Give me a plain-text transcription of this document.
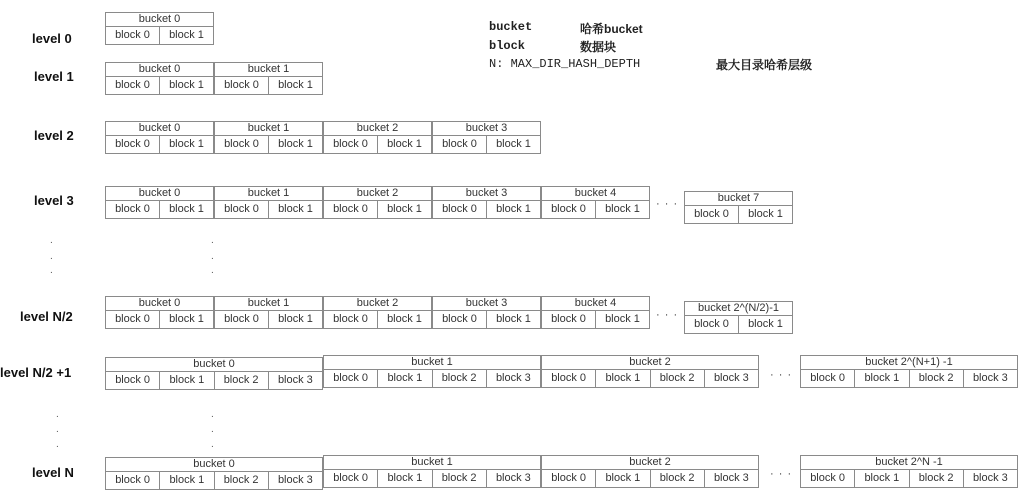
bucket	哈希bucket
block	数据块
N: MAX_DIR_HASH_DEPTH	最大目录哈希层级
level 0
level 1
level 2
level 3
level N/2
level N/2 +1
level N
bucket 0
block 0	block 1
bucket 0
block 0	block 1
bucket 1
block 0	block 1
bucket 0
block 0	block 1
bucket 1
block 0	block 1
bucket 2
block 0	block 1
bucket 3
block 0	block 1
bucket 0
block 0	block 1
bucket 1
block 0	block 1
bucket 2
block 0	block 1
bucket 3
block 0	block 1
bucket 4
block 0	block 1	· · ·	bucket 7
block 0	block 1
.
.
.
.
.
.
bucket 0
block 0	block 1
bucket 1
block 0	block 1
bucket 2
block 0	block 1
bucket 3
block 0	block 1
bucket 4
block 0	block 1	· · ·
bucket 2^(N/2)-1
block 0	block 1
bucket 0
block 0	block 1	block 2	block 3
bucket 1
block 0	block 1	block 2	block 3
bucket 2
block 0	block 1	block 2	block 3	· · ·
bucket 2^(N+1) -1
block 0	block 1	block 2	block 3
.
.
.
.
.
.
bucket 0
block 0	block 1	block 2	block 3
bucket 1
block 0	block 1	block 2	block 3
bucket 2
block 0	block 1	block 2	block 3	· · ·
bucket 2^N -1
block 0	block 1	block 2	block 3
